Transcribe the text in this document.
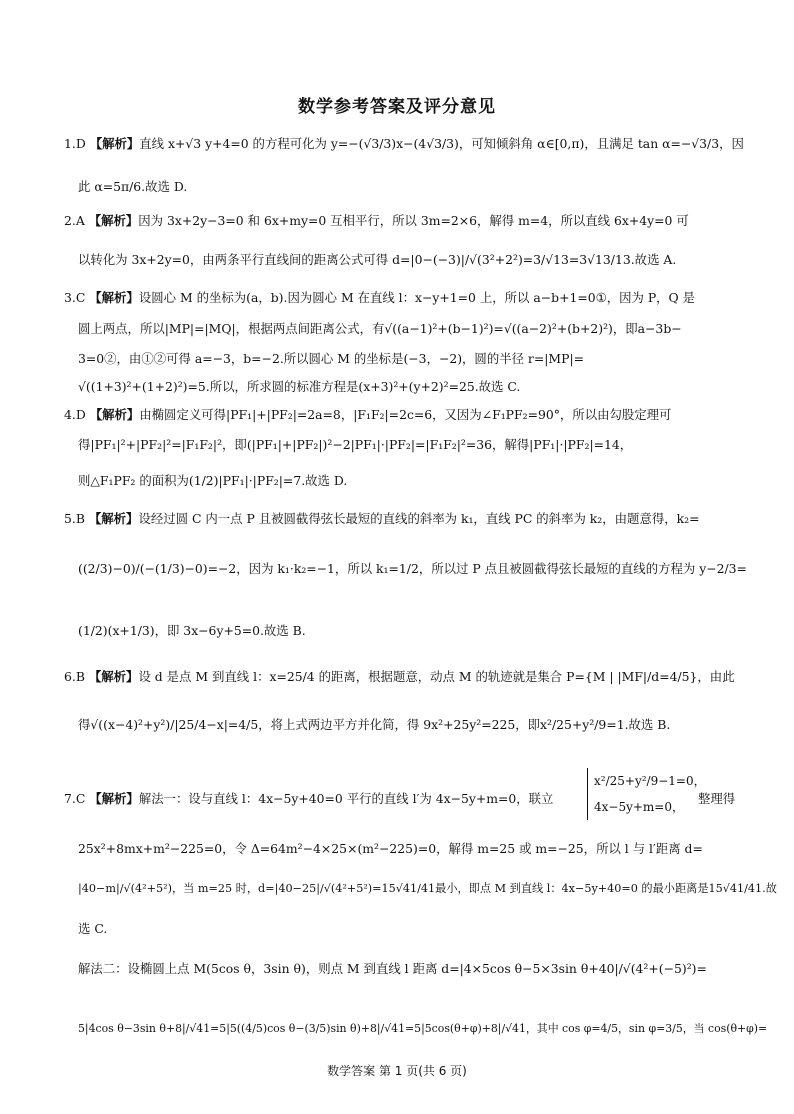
数学参考答案及评分意见
1.D 【解析】直线 x+√3 y+4=0 的方程可化为 y=−(√3/3)x−(4√3/3)，可知倾斜角 α∈[0,π)，且满足 tan α=−√3/3，因
此 α=5π/6.故选 D.
2.A 【解析】因为 3x+2y−3=0 和 6x+my=0 互相平行，所以 3m=2×6，解得 m=4，所以直线 6x+4y=0 可
以转化为 3x+2y=0，由两条平行直线间的距离公式可得 d=|0−(−3)|/√(3²+2²)=3/√13=3√13/13.故选 A.
3.C 【解析】设圆心 M 的坐标为(a，b).因为圆心 M 在直线 l：x−y+1=0 上，所以 a−b+1=0①，因为 P，Q 是
圆上两点，所以|MP|=|MQ|，根据两点间距离公式，有√((a−1)²+(b−1)²)=√((a−2)²+(b+2)²)，即a−3b−
3=0②，由①②可得 a=−3，b=−2.所以圆心 M 的坐标是(−3，−2)，圆的半径 r=|MP|=
√((1+3)²+(1+2)²)=5.所以，所求圆的标准方程是(x+3)²+(y+2)²=25.故选 C.
4.D 【解析】由椭圆定义可得|PF₁|+|PF₂|=2a=8，|F₁F₂|=2c=6，又因为∠F₁PF₂=90°，所以由勾股定理可
得|PF₁|²+|PF₂|²=|F₁F₂|²，即(|PF₁|+|PF₂|)²−2|PF₁|·|PF₂|=|F₁F₂|²=36，解得|PF₁|·|PF₂|=14，
则△F₁PF₂ 的面积为(1/2)|PF₁|·|PF₂|=7.故选 D.
5.B 【解析】设经过圆 C 内一点 P 且被圆截得弦长最短的直线的斜率为 k₁，直线 PC 的斜率为 k₂，由题意得，k₂=
((2/3)−0)/(−(1/3)−0)=−2，因为 k₁·k₂=−1，所以 k₁=1/2，所以过 P 点且被圆截得弦长最短的直线的方程为 y−2/3=
(1/2)(x+1/3)，即 3x−6y+5=0.故选 B.
6.B 【解析】设 d 是点 M 到直线 l：x=25/4 的距离，根据题意，动点 M 的轨迹就是集合 P={M | |MF|/d=4/5}，由此
得√((x−4)²+y²)/|25/4−x|=4/5，将上式两边平方并化简，得 9x²+25y²=225，即x²/25+y²/9=1.故选 B.
7.C 【解析】解法一：设与直线 l：4x−5y+40=0 平行的直线 l′为 4x−5y+m=0，联立
x²/25+y²/9−1=0，
4x−5y+m=0，
整理得
25x²+8mx+m²−225=0，令 Δ=64m²−4×25×(m²−225)=0，解得 m=25 或 m=−25，所以 l 与 l′距离 d=
|40−m|/√(4²+5²)，当 m=25 时，d=|40−25|/√(4²+5²)=15√41/41最小，即点 M 到直线 l：4x−5y+40=0 的最小距离是15√41/41.故
选 C.
解法二：设椭圆上点 M(5cos θ，3sin θ)，则点 M 到直线 l 距离 d=|4×5cos θ−5×3sin θ+40|/√(4²+(−5)²)=
5|4cos θ−3sin θ+8|/√41=5|5((4/5)cos θ−(3/5)sin θ)+8|/√41=5|5cos(θ+φ)+8|/√41，其中 cos φ=4/5，sin φ=3/5，当 cos(θ+φ)=
数学答案 第 1 页(共 6 页)
